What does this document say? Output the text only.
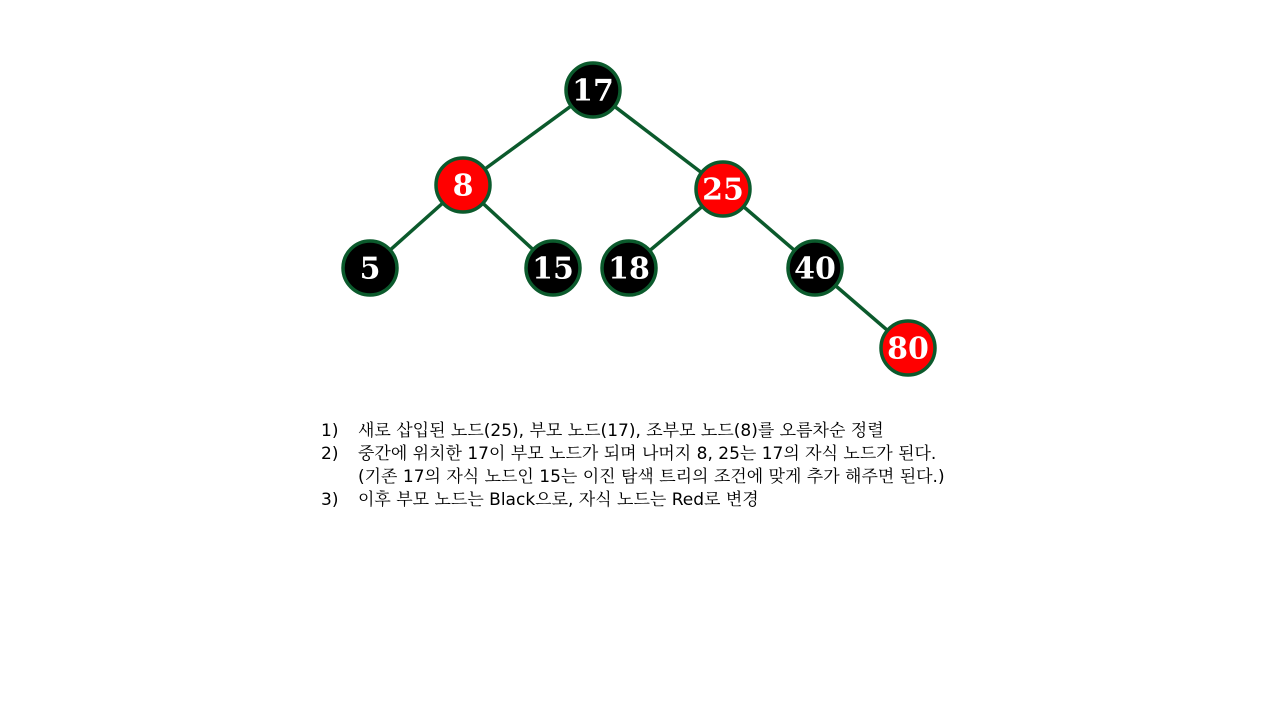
17
8	25
5	15 18	40
80
1)	새로 삽입된 노드(25), 부모 노드(17), 조부모 노드(8)를 오름차순 정렬
2)	중간에 위치한 17이 부모 노드가 되며 나머지 8, 25는 17의 자식 노드가 된다. (기존 17의 자식 노드인 15는 이진 탐색 트리의 조건에 맞게 추가 해주면 된다.)
3)	이후 부모 노드는 Black으로, 자식 노드는 Red로 변경
